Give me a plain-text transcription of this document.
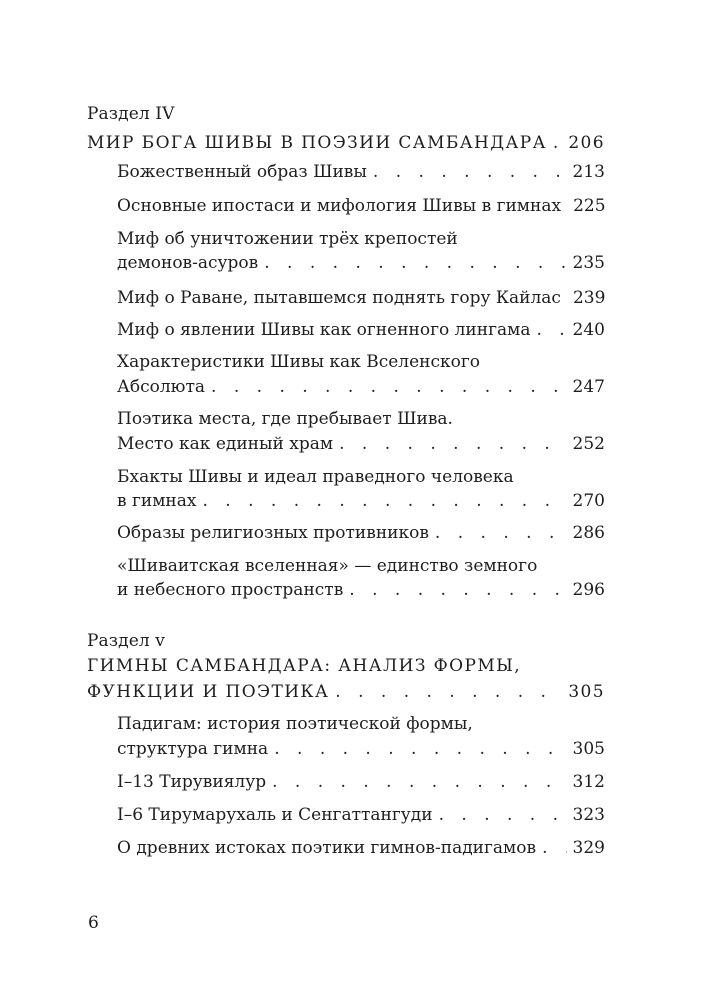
Раздел IV
МИР БОГА ШИВЫ В ПОЭЗИИ САМБАНДАРА . . . 206
Божественный образ Шивы . . .	213
Основные ипостаси и мифология Шивы в гимнах 225
Миф об уничтожении трёх крепостей
демонов-асуров . . .	235
Миф о Раване, пытавшемся поднять гору Кайлас 239
Миф о явлении Шивы как огненного лингама . . . 240
Характеристики Шивы как Вселенского
Абсолюта . . .	247
Поэтика места, где пребывает Шива.
Место как единый храм . . .	252
Бхакты Шивы и идеал праведного человека
в гимнах . . .	270
Образы религиозных противников . . .	286
«Шиваитская вселенная» — единство земного
и небесного пространств . . .	296
Раздел v
ГИМНЫ САМБАНДАРА: АНАЛИЗ ФОРМЫ,
ФУНКЦИИ И ПОЭТИКА . . .	305
Падигам: история поэтической формы,
структура гимна . . .	305
I–13 Тирувиялур . . .	312
I–6 Тирумарухаль и Сенгаттангуди . . .	323
О древних истоках поэтики гимнов-падигамов . . . 329
6
